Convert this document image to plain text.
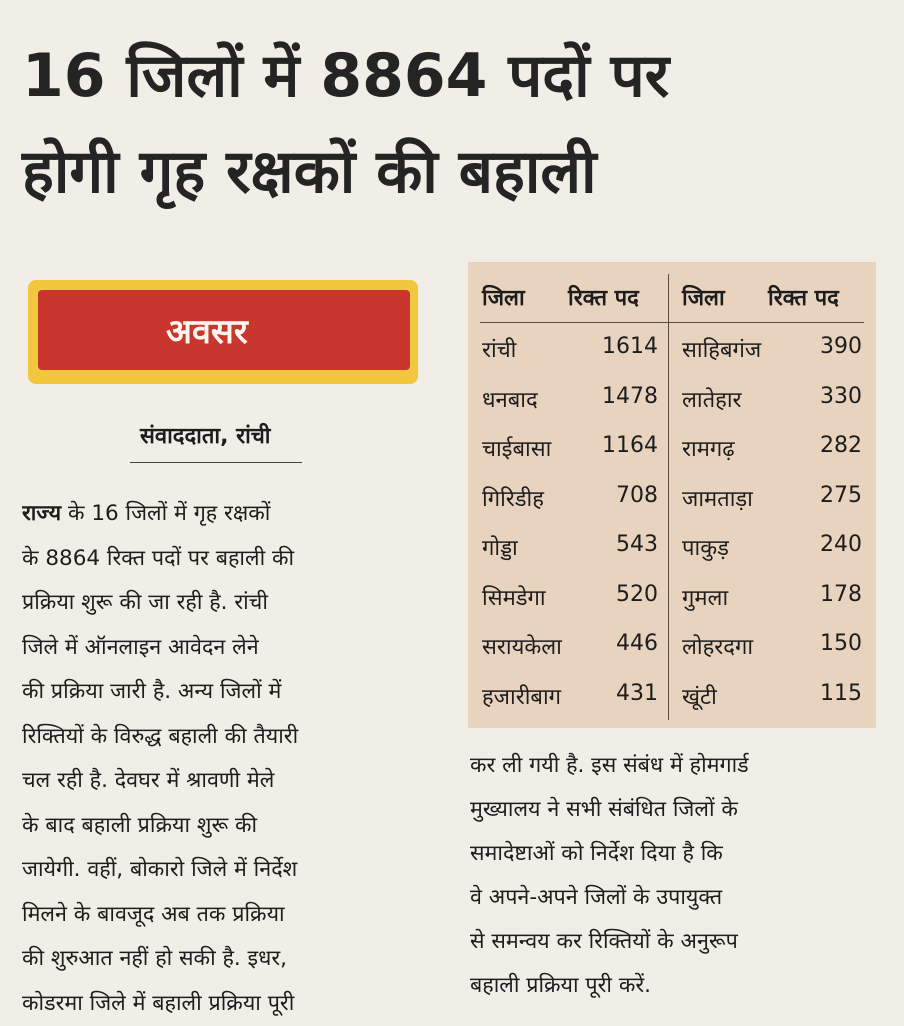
16 जिलों में 8864 पदों पर
होगी गृह रक्षकों की बहाली
अवसर
संवाददाता, रांची
जिला रिक्त पद जिला रिक्त पद
रांची	1614
धनबाद	1478
चाईबासा 1164
गिरिडीह	708
गोड्डा	543
सिमडेगा	520
सरायकेला 446
हजारीबाग 431
साहिबगंज	390
लातेहार	330
रामगढ़	282
जामताड़ा	275
पाकुड़	240
गुमला	178
लोहरदगा	150
खूंटी	115
राज्य के 16 जिलों में गृह रक्षकों
के 8864 रिक्त पदों पर बहाली की
प्रक्रिया शुरू की जा रही है. रांची
जिले में ऑनलाइन आवेदन लेने
की प्रक्रिया जारी है. अन्य जिलों में
रिक्तियों के विरुद्ध बहाली की तैयारी
चल रही है. देवघर में श्रावणी मेले
के बाद बहाली प्रक्रिया शुरू की
जायेगी. वहीं, बोकारो जिले में निर्देश
मिलने के बावजूद अब तक प्रक्रिया
की शुरुआत नहीं हो सकी है. इधर,
कोडरमा जिले में बहाली प्रक्रिया पूरी
कर ली गयी है. इस संबंध में होमगार्ड
मुख्यालय ने सभी संबंधित जिलों के
समादेष्टाओं को निर्देश दिया है कि
वे अपने-अपने जिलों के उपायुक्त
से समन्वय कर रिक्तियों के अनुरूप
बहाली प्रक्रिया पूरी करें.
